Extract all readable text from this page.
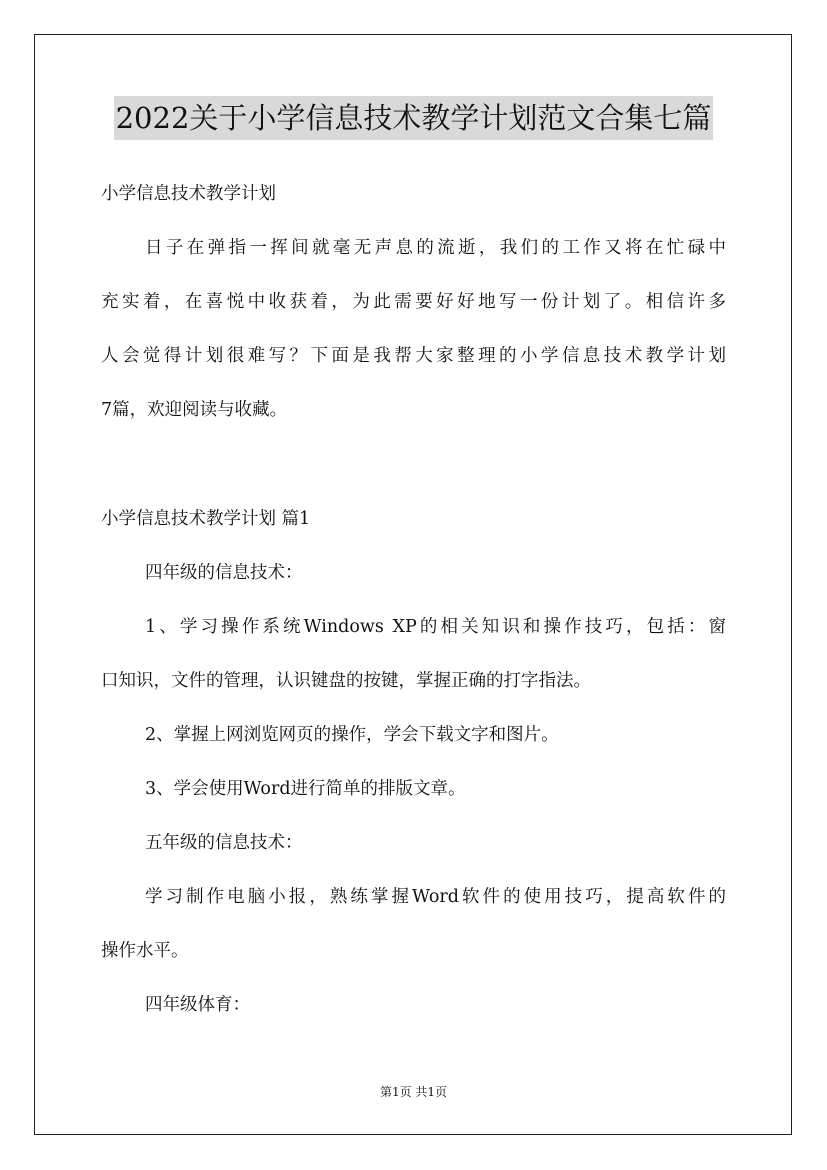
2022关于小学信息技术教学计划范文合集七篇
小学信息技术教学计划
日子在弹指一挥间就毫无声息的流逝，我们的工作又将在忙碌中
充实着，在喜悦中收获着，为此需要好好地写一份计划了。相信许多
人会觉得计划很难写？下面是我帮大家整理的小学信息技术教学计划
7篇，欢迎阅读与收藏。
小学信息技术教学计划 篇1
四年级的信息技术：
1、学习操作系统Windows XP的相关知识和操作技巧，包括：窗
口知识，文件的管理，认识键盘的按键，掌握正确的打字指法。
2、掌握上网浏览网页的操作，学会下载文字和图片。
3、学会使用Word进行简单的排版文章。
五年级的信息技术：
学习制作电脑小报，熟练掌握Word软件的使用技巧，提高软件的
操作水平。
四年级体育：
第1页 共1页
